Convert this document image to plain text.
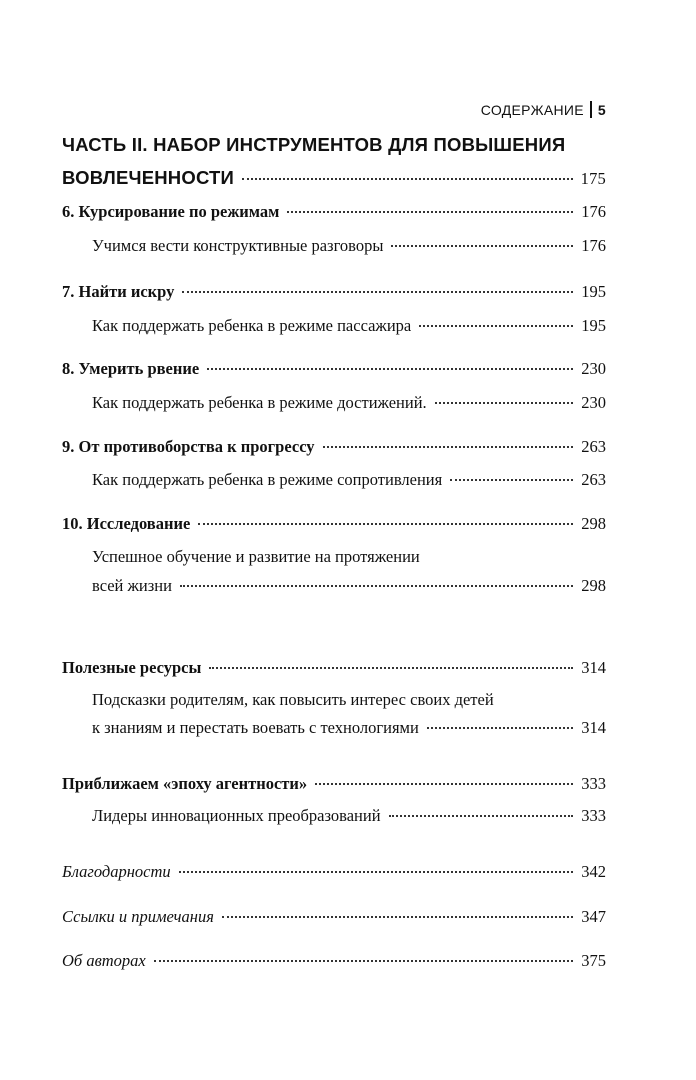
СОДЕРЖАНИЕ 5
ЧАСТЬ II. НАБОР ИНСТРУМЕНТОВ ДЛЯ ПОВЫШЕНИЯ
ВОВЛЕЧЕННОСТИ	175
6. Курсирование по режимам	176
Учимся вести конструктивные разговоры	176
7. Найти искру	195
Как поддержать ребенка в режиме пассажира	195
8. Умерить рвение	230
Как поддержать ребенка в режиме достижений.	230
9. От противоборства к прогрессу	263
Как поддержать ребенка в режиме сопротивления	263
10. Исследование	298
Успешное обучение и развитие на протяжении
всей жизни	298
Полезные ресурсы	314
Подсказки родителям, как повысить интерес своих детей
к знаниям и перестать воевать с технологиями	314
Приближаем «эпоху агентности»	333
Лидеры инновационных преобразований	333
Благодарности	342
Ссылки и примечания	347
Об авторах	375
